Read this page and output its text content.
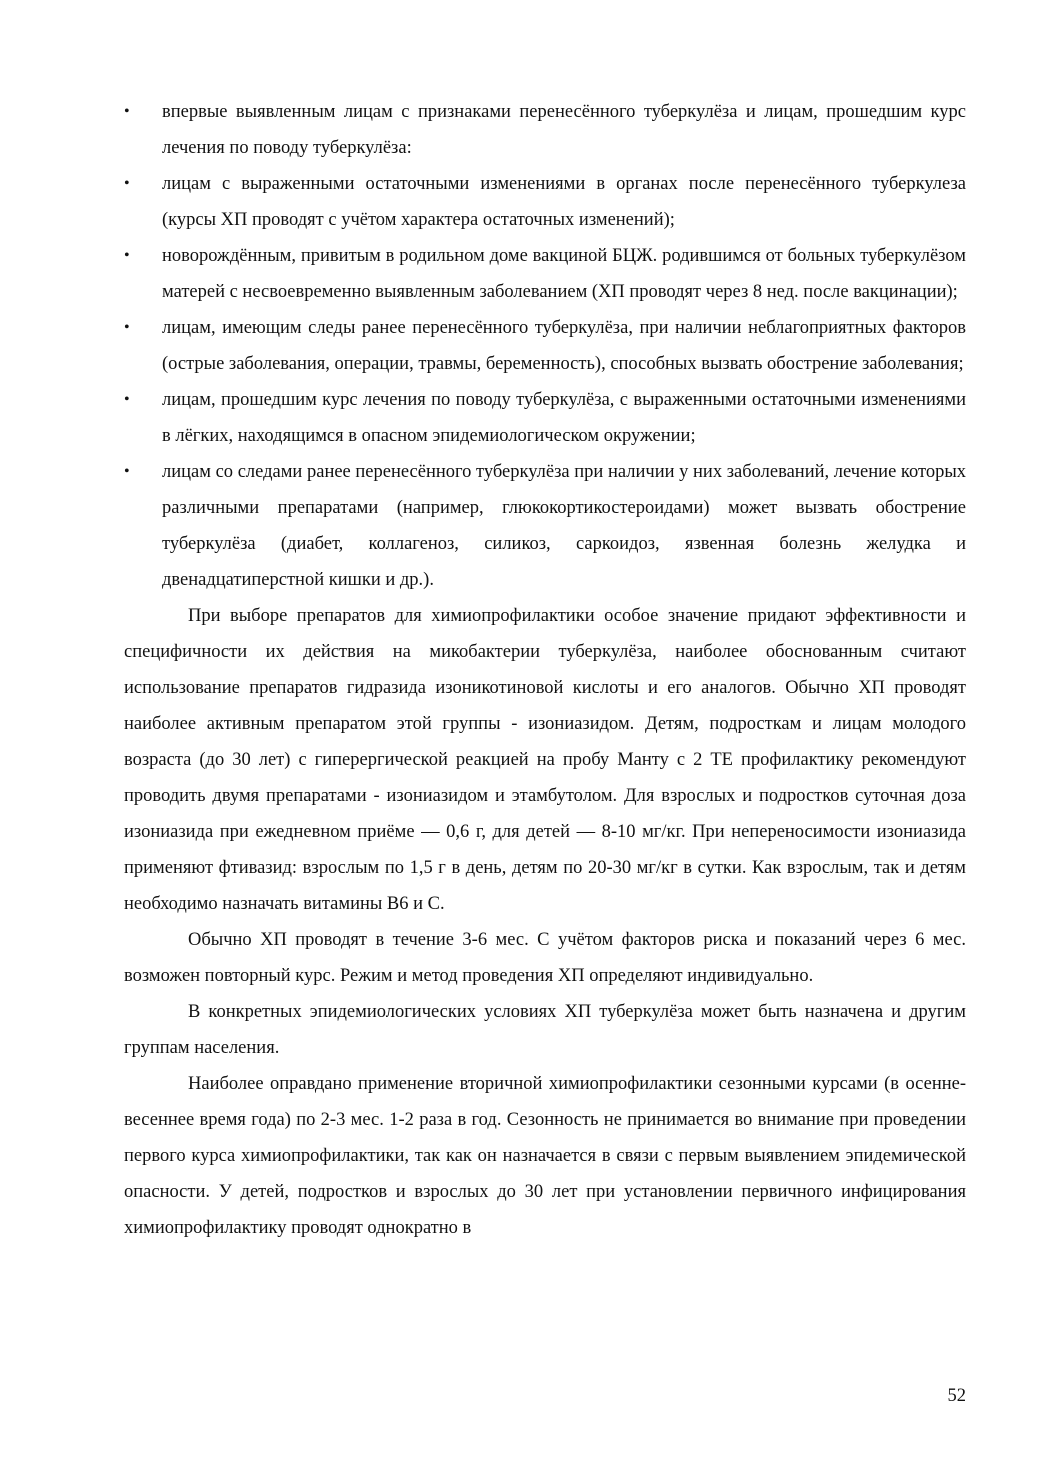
•	впервые выявленным лицам с признаками перенесённого туберкулёза и лицам, прошедшим курс лечения по поводу туберкулёза:
•	лицам с выраженными остаточными изменениями в органах после перенесённого туберкулеза (курсы ХП проводят с учётом характера остаточных изменений);
•	новорождённым, привитым в родильном доме вакциной БЦЖ. родившимся от больных туберкулёзом матерей с несвоевременно выявленным заболеванием (ХП проводят через 8 нед. после вакцинации);
•	лицам, имеющим следы ранее перенесённого туберкулёза, при наличии неблагоприятных факторов (острые заболевания, операции, травмы, беременность), способных вызвать обострение заболевания;
•	лицам, прошедшим курс лечения по поводу туберкулёза, с выраженными остаточными изменениями в лёгких, находящимся в опасном эпидемиологическом окружении;
•	лицам со следами ранее перенесённого туберкулёза при наличии у них заболеваний, лечение которых различными препаратами (например, глюкокортикостероидами) может вызвать обострение туберкулёза (диабет, коллагеноз, силикоз, саркоидоз, язвенная болезнь желудка и двенадцатиперстной кишки и др.).

При выборе препаратов для химиопрофилактики особое значение придают эффективности и специфичности их действия на микобактерии туберкулёза, наиболее обоснованным считают использование препаратов гидразида изоникотиновой кислоты и его аналогов. Обычно ХП проводят наиболее активным препаратом этой группы - изониазидом. Детям, подросткам и лицам молодого возраста (до 30 лет) с гиперергической реакцией на пробу Манту с 2 ТЕ профилактику рекомендуют проводить двумя препаратами - изониазидом и этамбутолом. Для взрослых и подростков суточная доза изониазида при ежедневном приёме — 0,6 г, для детей — 8-10 мг/кг. При непереносимости изониазида применяют фтивазид: взрослым по 1,5 г в день, детям по 20-30 мг/кг в сутки. Как взрослым, так и детям необходимо назначать витамины В6 и С.

Обычно ХП проводят в течение 3-6 мес. С учётом факторов риска и показаний через 6 мес. возможен повторный курс. Режим и метод проведения ХП определяют индивидуально.

В конкретных эпидемиологических условиях ХП туберкулёза может быть назначена и другим группам населения.

Наиболее оправдано применение вторичной химиопрофилактики сезонными курсами (в осенне-весеннее время года) по 2-3 мес. 1-2 раза в год. Сезонность не принимается во внимание при проведении первого курса химиопрофилактики, так как он назначается в связи с первым выявлением эпидемической опасности. У детей, подростков и взрослых до 30 лет при установлении первичного инфицирования химиопрофилактику проводят однократно в

52
